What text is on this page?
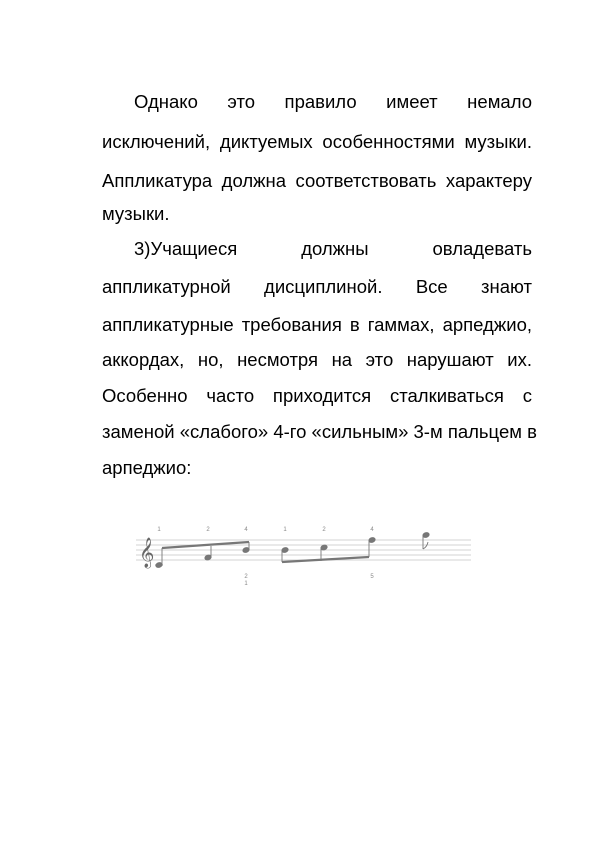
Однако это правило имеет немало
исключений, диктуемых особенностями музыки.
Аппликатура должна соответствовать характеру
музыки.
3)Учащиеся должны овладевать
аппликатурной дисциплиной. Все знают
аппликатурные требования в гаммах, арпеджио,
аккордах, но, несмотря на это нарушают их.
Особенно часто приходится сталкиваться с
заменой «слабого» 4-го «сильным» 3-м пальцем в
арпеджио:
𝄞
1	2	4	1	2	4
2
1
5
